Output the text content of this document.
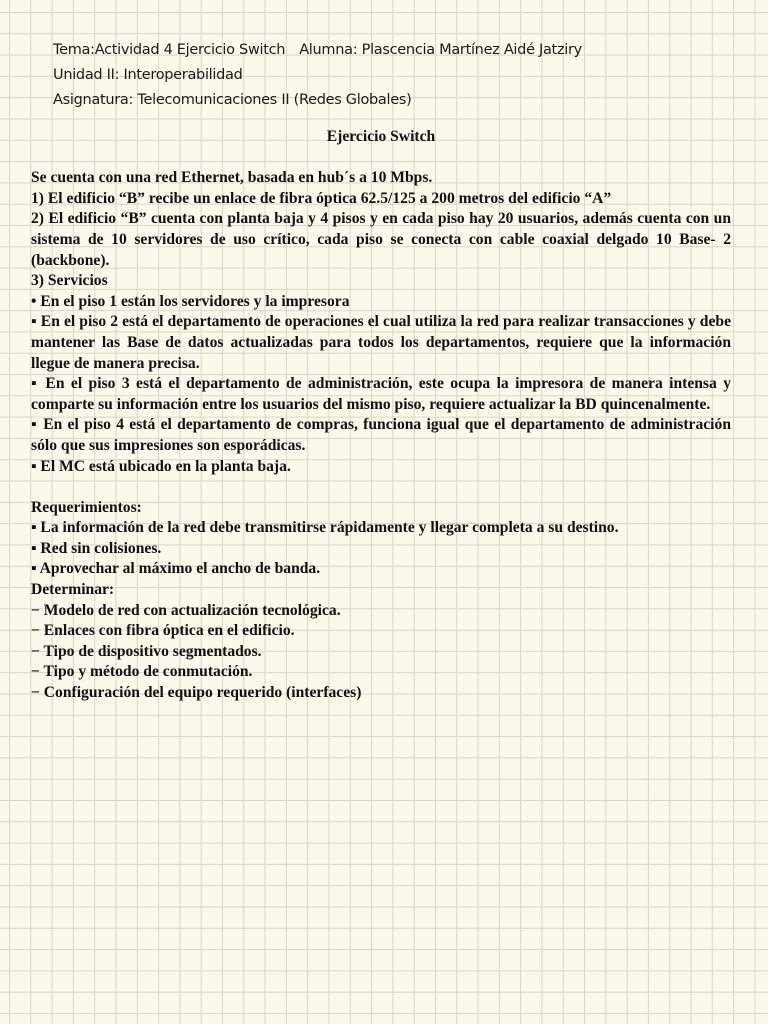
Tema:Actividad 4 Ejercicio Switch Alumna: Plascencia Martínez Aidé Jatziry
Unidad II: Interoperabilidad
Asignatura: Telecomunicaciones II (Redes Globales)
Ejercicio Switch
Se cuenta con una red Ethernet, basada en hub´s a 10 Mbps.
1) El edificio “B” recibe un enlace de fibra óptica 62.5/125 a 200 metros del edificio “A”

2) El edificio “B” cuenta con planta baja y 4 pisos y en cada piso hay 20 usuarios, además cuenta con un sistema de 10 servidores de uso crítico, cada piso se conecta con cable coaxial delgado 10 Base- 2 (backbone).

3) Servicios
• En el piso 1 están los servidores y la impresora

▪ En el piso 2 está el departamento de operaciones el cual utiliza la red para realizar transacciones y debe mantener las Base de datos actualizadas para todos los departamentos, requiere que la información llegue de manera precisa.

▪ En el piso 3 está el departamento de administración, este ocupa la impresora de manera intensa y comparte su información entre los usuarios del mismo piso, requiere actualizar la BD quincenalmente.

▪ En el piso 4 está el departamento de compras, funciona igual que el departamento de administración sólo que sus impresiones son esporádicas.

▪ El MC está ubicado en la planta baja.
Requerimientos:
▪ La información de la red debe transmitirse rápidamente y llegar completa a su destino.
▪ Red sin colisiones.
▪ Aprovechar al máximo el ancho de banda.
Determinar:
− Modelo de red con actualización tecnológica.
− Enlaces con fibra óptica en el edificio.
− Tipo de dispositivo segmentados.
− Tipo y método de conmutación.
− Configuración del equipo requerido (interfaces)
